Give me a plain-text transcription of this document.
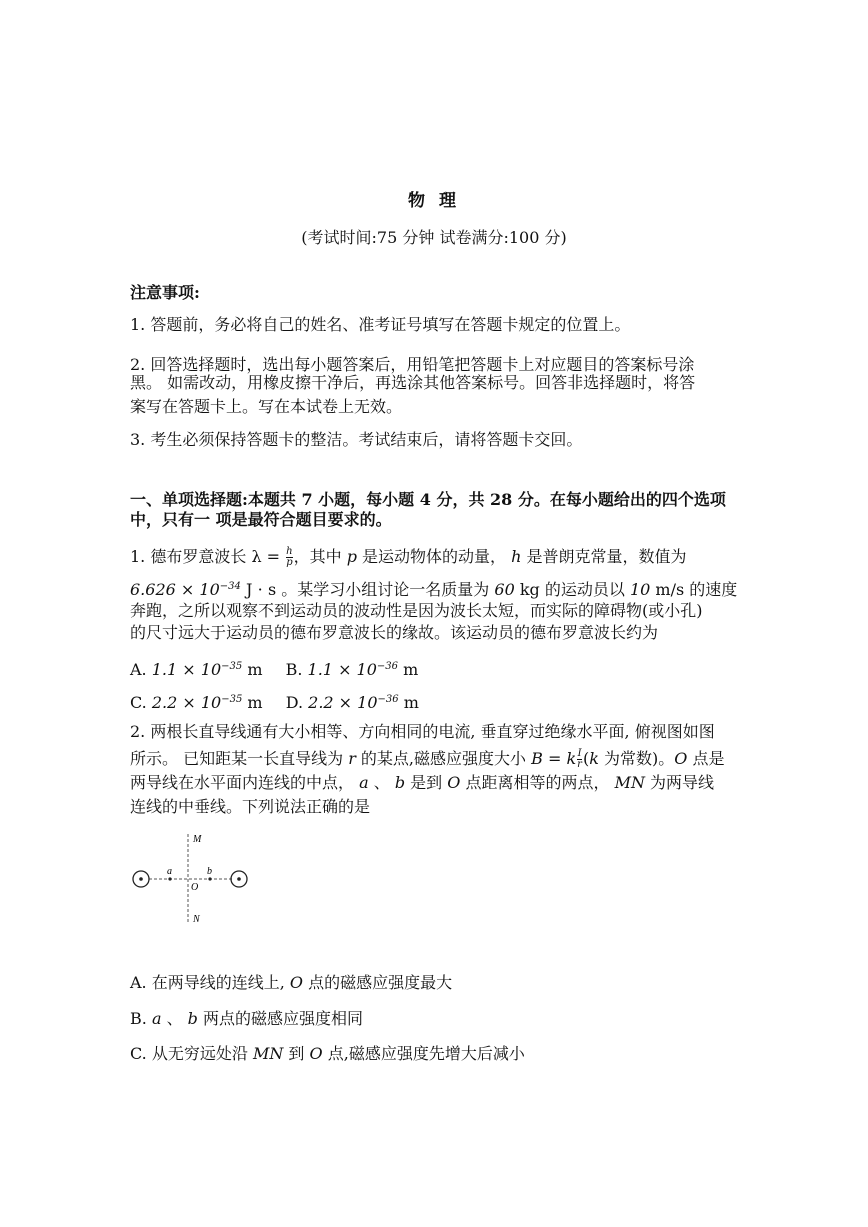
物 理
(考试时间:75 分钟 试卷满分:100 分)
注意事项:
1. 答题前，务必将自己的姓名、准考证号填写在答题卡规定的位置上。
2. 回答选择题时，选出每小题答案后，用铅笔把答题卡上对应题目的答案标号涂
黑。 如需改动，用橡皮擦干净后，再选涂其他答案标号。回答非选择题时，将答
案写在答题卡上。写在本试卷上无效。
3. 考生必须保持答题卡的整洁。考试结束后，请将答题卡交回。
一、单项选择题:本题共 7 小题，每小题 4 分，共 28 分。在每小题给出的四个选项
中，只有一 项是最符合题目要求的。
1. 德布罗意波长 $\lambda = \frac{h}{p}$ ，其中 p 是运动物体的动量， h 是普朗克常量，数值为
$6.626 \times 10^{-34}$ J ⋅ s 。某学习小组讨论一名质量为 60 kg 的运动员以 10 m/s 的速度
奔跑，之所以观察不到运动员的波动性是因为波长太短，而实际的障碍物(或小孔)
的尺寸远大于运动员的德布罗意波长的缘故。该运动员的德布罗意波长约为
A. $1.1 \times 10^{-35}$ m B. $1.1 \times 10^{-36}$ m
C. $2.2 \times 10^{-35}$ m D. $2.2 \times 10^{-36}$ m
2. 两根长直导线通有大小相等、方向相同的电流, 垂直穿过绝缘水平面, 俯视图如图
所示。 已知距某一长直导线为 r 的某点,磁感应强度大小 B = k $\frac{I}{r} (k$ 为常数)。O 点是
两导线在水平面内连线的中点， a 、 b 是到 O 点距离相等的两点， MN 为两导线
连线的中垂线。下列说法正确的是
M
N
O
a	b
A. 在两导线的连线上, O 点的磁感应强度最大
B. a 、 b 两点的磁感应强度相同
C. 从无穷远处沿 MN 到 O 点,磁感应强度先增大后减小
